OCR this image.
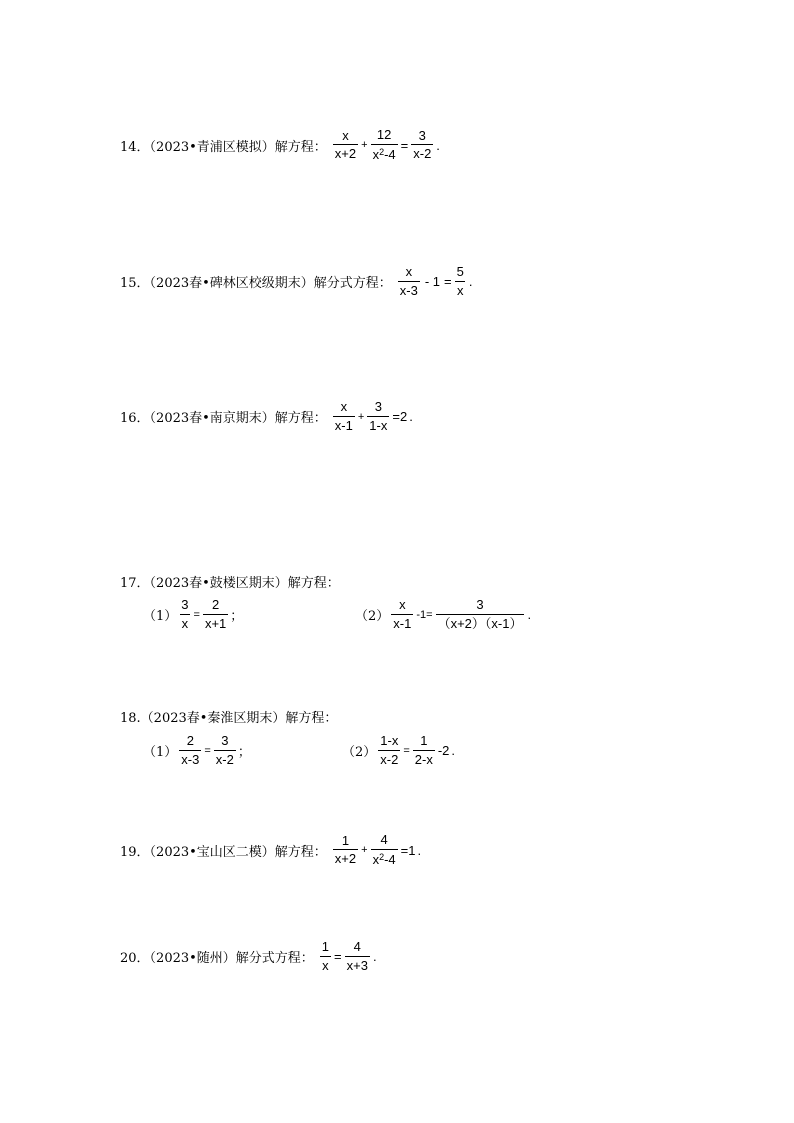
14．（2023•青浦区模拟）解方程： $\frac{x}{x+2} + \frac{12}{x^2-4} = \frac{3}{x-2}$ .
15．（2023春•碑林区校级期末）解分式方程： $\frac{x}{x-3} - 1 = \frac{5}{x}$ .
16．（2023春•南京期末）解方程： $\frac{x}{x-1} + \frac{3}{1-x} =2$ .
17．（2023春•鼓楼区期末）解方程：
$(1) \frac{3}{x} = \frac{2}{x+1}$ ；	$(2) \frac{x}{x-1} -1= \frac{3}{(x+2)(x-1)}$ .
18.（2023春•秦淮区期末）解方程：
$(1) \frac{2}{x-3} = \frac{3}{x-2}$ ；	$(2) \frac{1-x}{x-2} = \frac{1}{2-x} -2$ .
19．（2023•宝山区二模）解方程： $\frac{1}{x+2} + \frac{4}{x^2-4} =1$ .
20．（2023•随州）解分式方程： $\frac{1}{x} = \frac{4}{x+3}$ .
